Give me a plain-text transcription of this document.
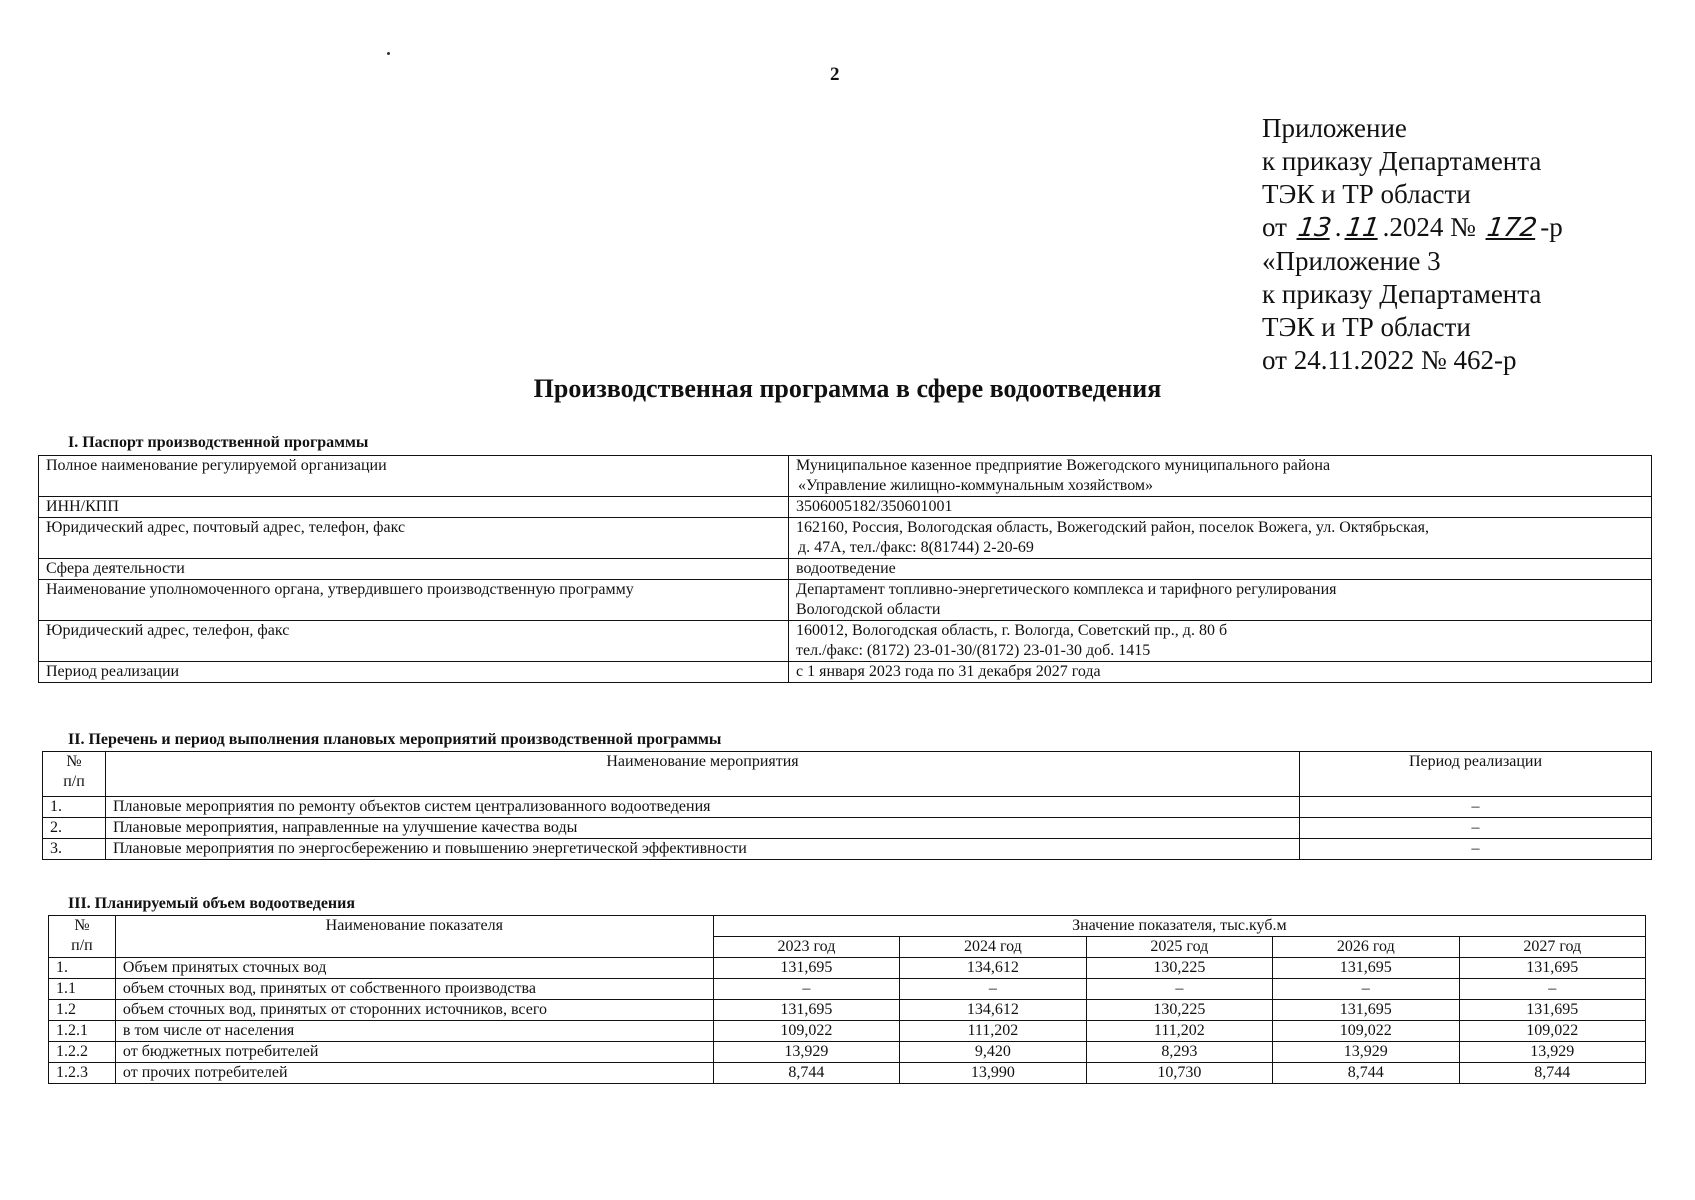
2
Приложение
к приказу Департамента
ТЭК и ТР области
от 13.11.2024 № 172-р
«Приложение 3
к приказу Департамента
ТЭК и ТР области
от 24.11.2022 № 462-р
Производственная программа в сфере водоотведения
I. Паспорт производственной программы
Полное наименование регулируемой организации	Муниципальное казенное предприятие Вожегодского муниципального района
«Управление жилищно-коммунальным хозяйством»

ИНН/КПП	3506005182/350601001

Юридический адрес, почтовый адрес, телефон, факс	162160, Россия, Вологодская область, Вожегодский район, поселок Вожега, ул. Октябрьская,
д. 47А, тел./факс: 8(81744) 2-20-69

Сфера деятельности	водоотведение

Наименование уполномоченного органа, утвердившего производственную программу	Департамент топливно-энергетического комплекса и тарифного регулирования
Вологодской области

Юридический адрес, телефон, факс	160012, Вологодская область, г. Вологда, Советский пр., д. 80 б
тел./факс: (8172) 23-01-30/(8172) 23-01-30 доб. 1415

Период реализации	с 1 января 2023 года по 31 декабря 2027 года
II. Перечень и период выполнения плановых мероприятий производственной программы
№
п/п	Наименование мероприятия	Период реализации
1.	Плановые мероприятия по ремонту объектов систем централизованного водоотведения	–
2.	Плановые мероприятия, направленные на улучшение качества воды	–
3.	Плановые мероприятия по энергосбережению и повышению энергетической эффективности	–
III. Планируемый объем водоотведения
№
п/п	Наименование показателя	Значение показателя, тыс.куб.м				
		2023 год	2024 год	2025 год	2026 год	2027 год
1.	Объем принятых сточных вод	131,695	134,612	130,225	131,695	131,695
1.1	объем сточных вод, принятых от собственного производства	–	–	–	–	–
1.2	объем сточных вод, принятых от сторонних источников, всего	131,695	134,612	130,225	131,695	131,695
1.2.1	в том числе от населения	109,022	111,202	111,202	109,022	109,022
1.2.2	от бюджетных потребителей	13,929	9,420	8,293	13,929	13,929
1.2.3	от прочих потребителей	8,744	13,990	10,730	8,744	8,744
